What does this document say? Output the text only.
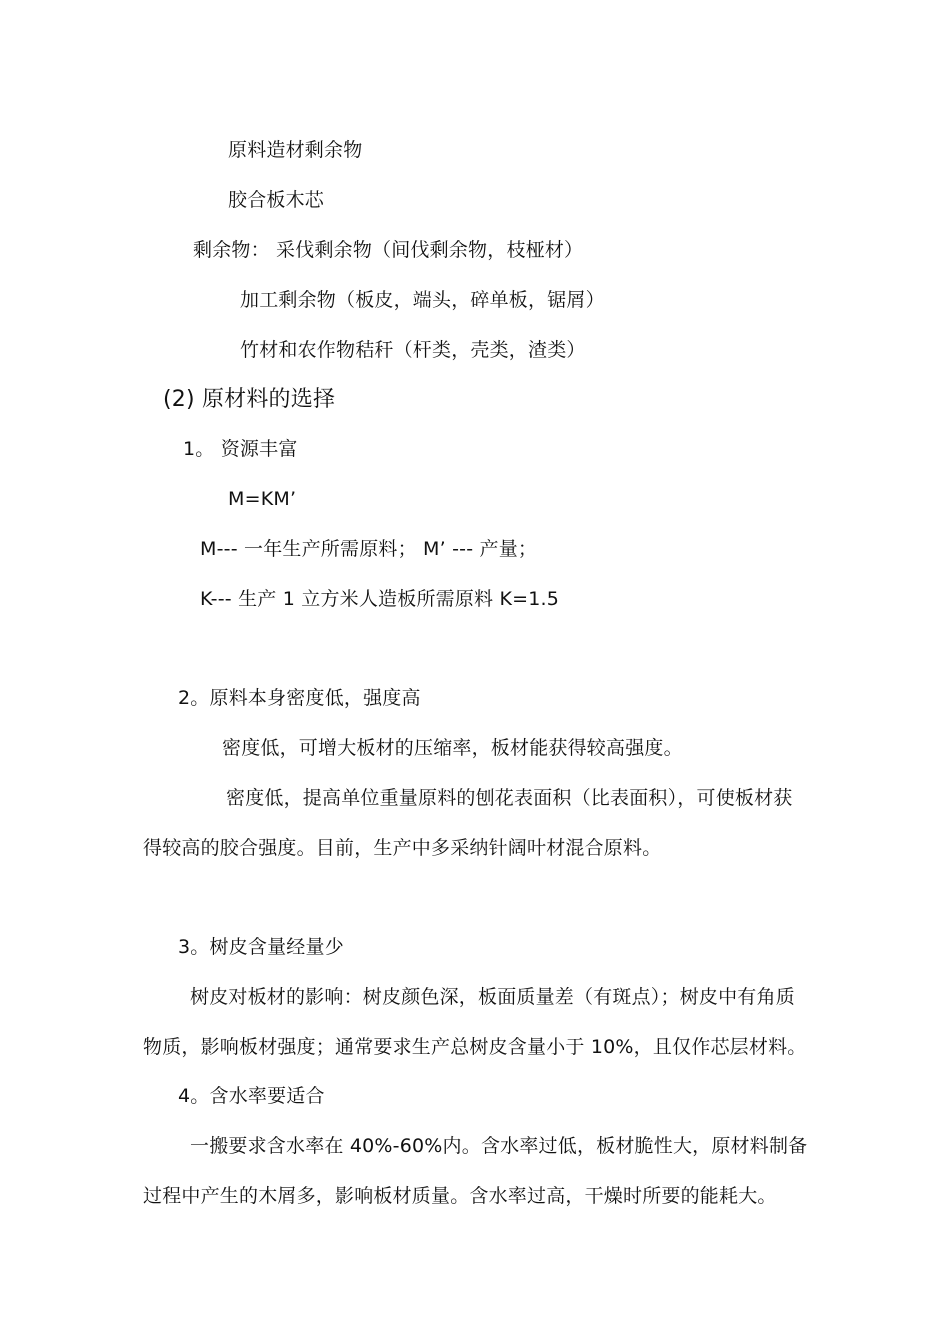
原料造材剩余物
胶合板木芯
剩余物： 采伐剩余物（间伐剩余物，枝桠材）
加工剩余物（板皮，端头，碎单板，锯屑）
竹材和农作物秸秆（杆类，壳类，渣类）
(2) 原材料的选择
1。 资源丰富
M=KM’
M--- 一年生产所需原料； M’ --- 产量；
K--- 生产 1 立方米人造板所需原料 K=1.5
2。原料本身密度低，强度高
密度低，可增大板材的压缩率，板材能获得较高强度。
密度低，提高单位重量原料的刨花表面积（比表面积），可使板材获
得较高的胶合强度。目前，生产中多采纳针阔叶材混合原料。
3。树皮含量经量少
树皮对板材的影响：树皮颜色深，板面质量差（有斑点）；树皮中有角质
物质，影响板材强度；通常要求生产总树皮含量小于 10%，且仅作芯层材料。
4。含水率要适合
一搬要求含水率在 40%-60%内。含水率过低，板材脆性大，原材料制备
过程中产生的木屑多，影响板材质量。含水率过高，干燥时所要的能耗大。
